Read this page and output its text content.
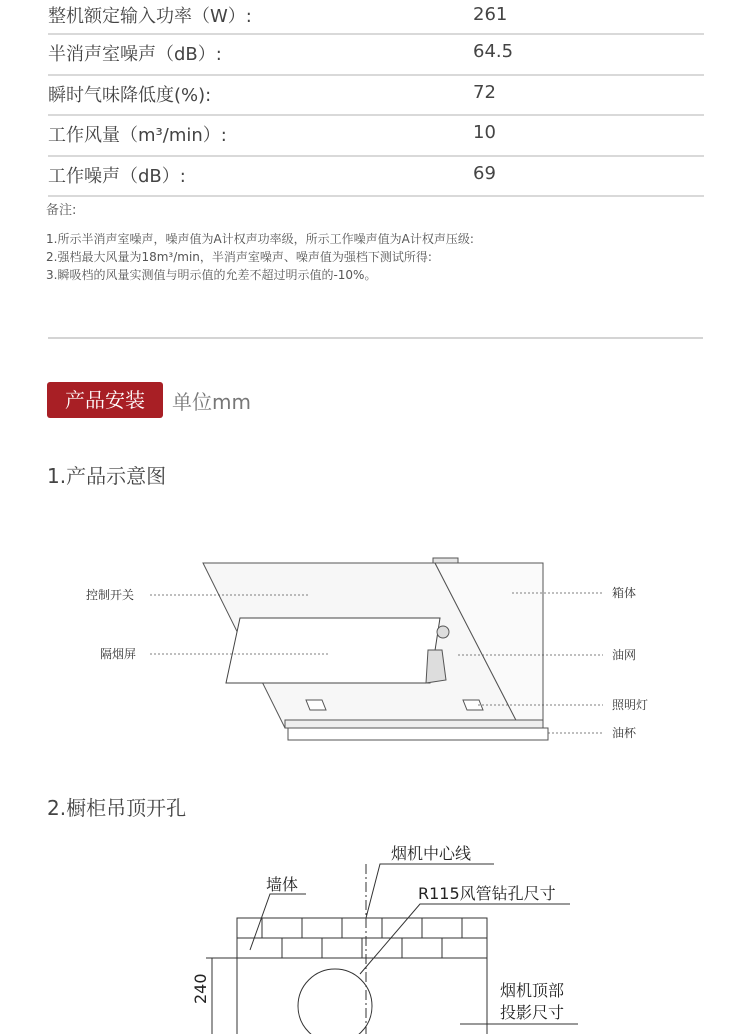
整机额定输入功率（W）:	261
半消声室噪声（dB）:	64.5
瞬时气味降低度(%):	72
工作风量（m³/min）:	10
工作噪声（dB）:	69
备注:
1.所示半消声室噪声，噪声值为A计权声功率级，所示工作噪声值为A计权声压级:
2.强档最大风量为18m³/min，半消声室噪声、噪声值为强档下测试所得:
3.瞬吸档的风量实测值与明示值的允差不超过明示值的-10%。
产品安装	单位mm
1.产品示意图
控制开关
隔烟屏
箱体
油网
照明灯
油杯
2.橱柜吊顶开孔
墙体
烟机中心线
R115风管钻孔尺寸
烟机顶部
投影尺寸
240
